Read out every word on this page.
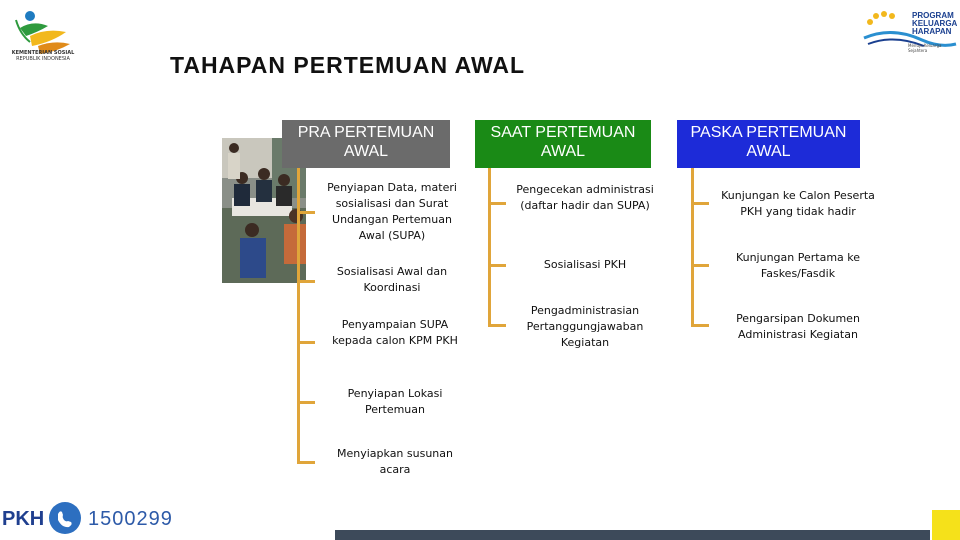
TAHAPAN PERTEMUAN AWAL
KEMENTERIAN SOSIAL
REPUBLIK INDONESIA
PROGRAM
KELUARGA
HARAPAN
Menuju Keluarga Sejahtera
PRA PERTEMUAN AWAL
SAAT PERTEMUAN AWAL
PASKA PERTEMUAN AWAL
Penyiapan Data, materi sosialisasi dan Surat Undangan Pertemuan Awal (SUPA)
Sosialisasi Awal dan Koordinasi
Penyampaian SUPA kepada calon KPM PKH
Penyiapan Lokasi Pertemuan
Menyiapkan susunan acara
Pengecekan administrasi (daftar hadir dan SUPA)
Sosialisasi PKH
Pengadministrasian Pertanggungjawaban Kegiatan
Kunjungan ke Calon Peserta PKH yang tidak hadir
Kunjungan Pertama ke Faskes/Fasdik
Pengarsipan Dokumen Administrasi Kegiatan
PKH 1500299
